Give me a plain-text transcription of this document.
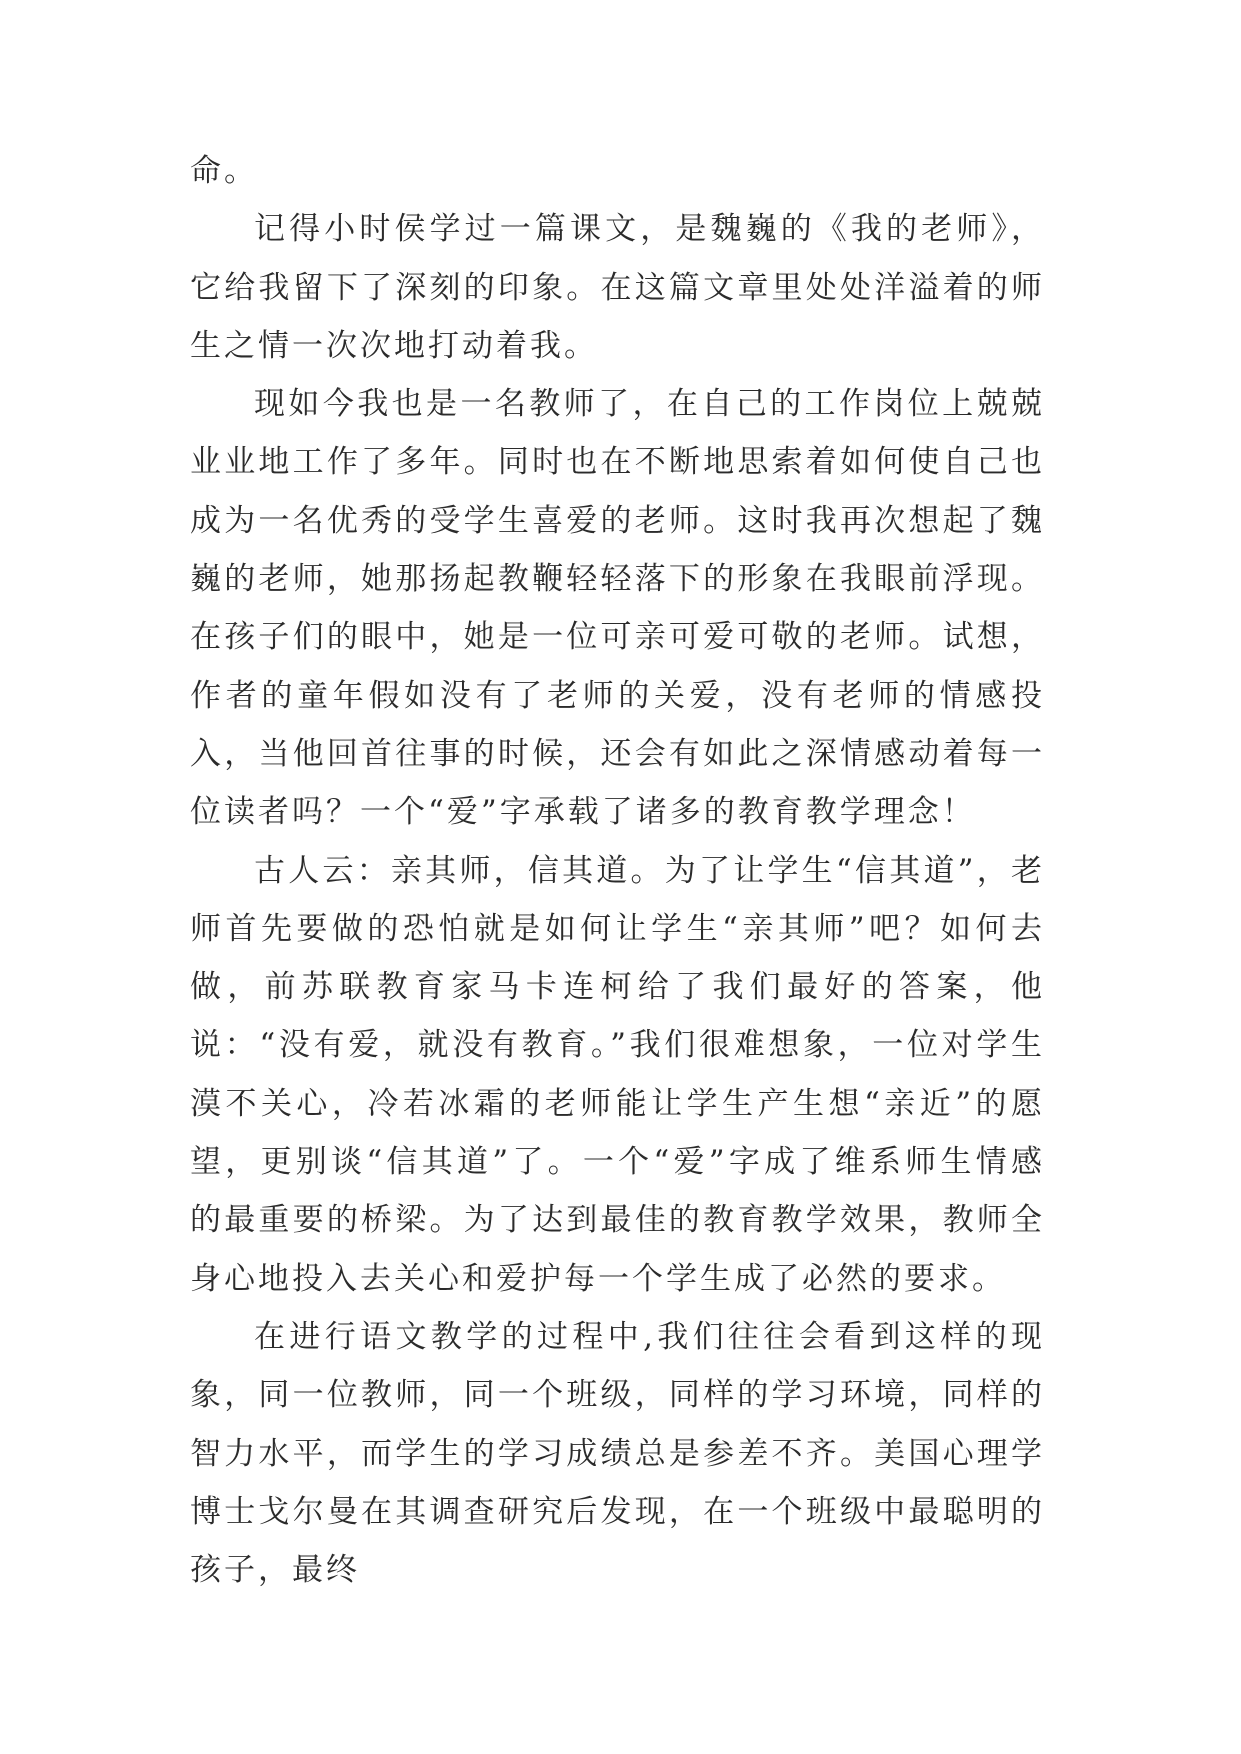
命。

记得小时侯学过一篇课文，是魏巍的《我的老师》，它给我留下了深刻的印象。在这篇文章里处处洋溢着的师生之情一次次地打动着我。

现如今我也是一名教师了，在自己的工作岗位上兢兢业业地工作了多年。同时也在不断地思索着如何使自己也成为一名优秀的受学生喜爱的老师。这时我再次想起了魏巍的老师，她那扬起教鞭轻轻落下的形象在我眼前浮现。在孩子们的眼中，她是一位可亲可爱可敬的老师。试想，作者的童年假如没有了老师的关爱，没有老师的情感投入，当他回首往事的时候，还会有如此之深情感动着每一位读者吗？一个“爱”字承载了诸多的教育教学理念！

古人云：亲其师，信其道。为了让学生“信其道”，老师首先要做的恐怕就是如何让学生“亲其师”吧？如何去做，前苏联教育家马卡连柯给了我们最好的答案，他说：“没有爱，就没有教育。”我们很难想象，一位对学生漠不关心，冷若冰霜的老师能让学生产生想“亲近”的愿望，更别谈“信其道”了。一个“爱”字成了维系师生情感的最重要的桥梁。为了达到最佳的教育教学效果，教师全身心地投入去关心和爱护每一个学生成了必然的要求。

在进行语文教学的过程中,我们往往会看到这样的现象，同一位教师，同一个班级，同样的学习环境，同样的智力水平，而学生的学习成绩总是参差不齐。美国心理学博士戈尔曼在其调查研究后发现，在一个班级中最聪明的孩子，最终
